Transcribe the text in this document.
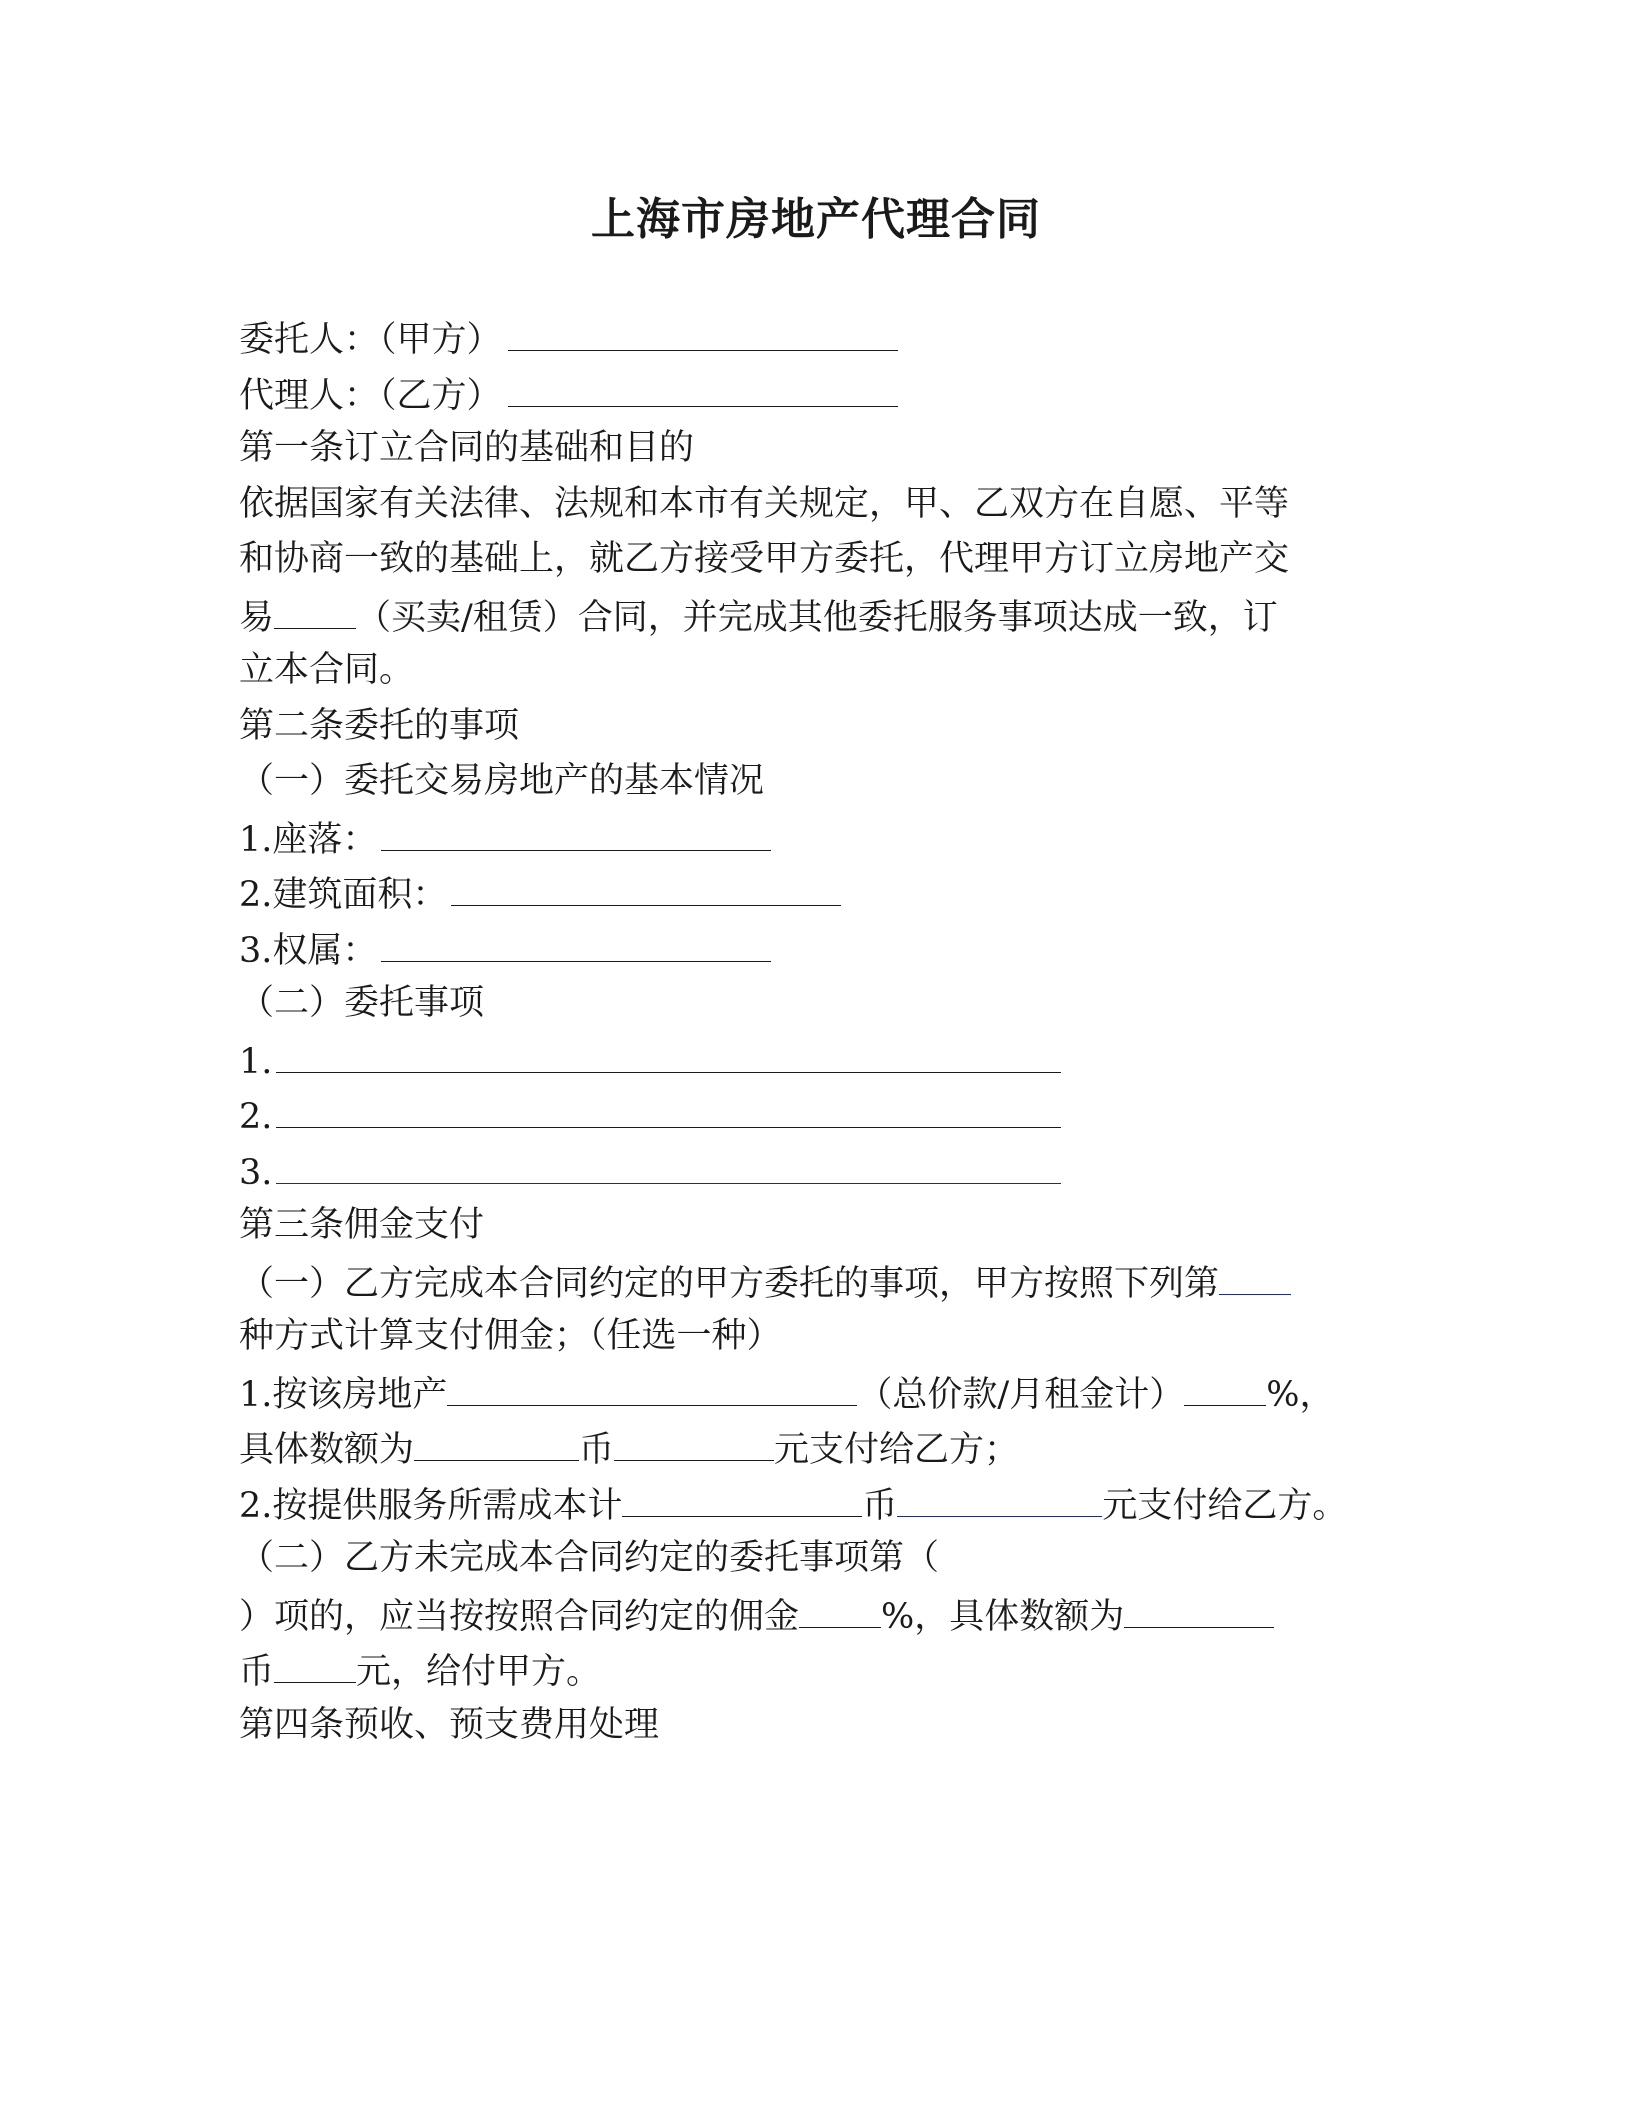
上海市房地产代理合同
委托人：（甲方）
代理人：（乙方）
第一条订立合同的基础和目的
依据国家有关法律、法规和本市有关规定，甲、乙双方在自愿、平等
和协商一致的基础上，就乙方接受甲方委托，代理甲方订立房地产交
易 （买卖/租赁）合同，并完成其他委托服务事项达成一致，订
立本合同。
第二条委托的事项
（一）委托交易房地产的基本情况
1.座落：
2.建筑面积：
3.权属：
（二）委托事项
1.
2.
3.
第三条佣金支付
（一）乙方完成本合同约定的甲方委托的事项，甲方按照下列第
种方式计算支付佣金；（任选一种）
1.按该房地产	（总价款/月租金计） %，
具体数额为	币	元支付给乙方；
2.按提供服务所需成本计	币	元支付给乙方。
（二）乙方未完成本合同约定的委托事项第（
）项的，应当按按照合同约定的佣金 %，具体数额为
币 元，给付甲方。
第四条预收、预支费用处理
